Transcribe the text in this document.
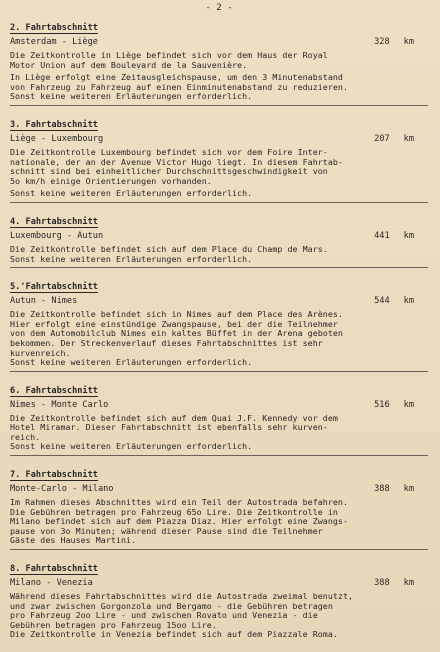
- 2 -
2. Fahrtabschnitt
Amsterdam - Liège	328 km
Die Zeitkontrolle in Liège befindet sich vor dem Haus der Royal
Motor Union auf dem Boulevard de la Sauvenière.
In Liège erfolgt eine Zeitausgleichspause, um den 3 Minutenabstand
von Fahrzeug zu Fahrzeug auf einen Einminutenabstand zu reduzieren.
Sonst keine weiteren Erläuterungen erforderlich.
3. Fahrtabschnitt
Liège - Luxembourg	207 km
Die Zeitkontrolle Luxembourg befindet sich vor dem Foire Inter-
nationale, der an der Avenue Victor Hugo liegt. In diesem Fahrtab-
schnitt sind bei einheitlicher Durchschnittsgeschwindigkeit von
5o km/h einige Orientierungen vorhanden.
Sonst keine weiteren Erläuterungen erforderlich.
4. Fahrtabschnitt
Luxembourg - Autun	441 km
Die Zeitkontrolle befindet sich auf dem Place du Champ de Mars.
Sonst keine weiteren Erläuterungen erforderlich.
5.'Fahrtabschnitt
Autun - Nimes	544 km
Die Zeitkontrolle befindet sich in Nimes auf dem Place des Arènes.
Hier erfolgt eine einstündige Zwangspause, bei der die Teilnehmer
von dem Automobilclub Nimes ein kaltes Büffet in der Arena geboten
bekommen. Der Streckenverlauf dieses Fahrtabschnittes ist sehr
kurvenreich.
Sonst keine weiteren Erläuterungen erforderlich.
6. Fahrtabschnitt
Nimes - Monte Carlo	516 km
Die Zeitkontrolle befindet sich auf dem Quai J.F. Kennedy vor dem
Hotel Miramar. Dieser Fahrtabschnitt ist ebenfalls sehr kurven-
reich.
Sonst keine weiteren Erläuterungen erforderlich.
7. Fahrtabschnitt
Monte-Carlo - Milano	388 km
Im Rahmen dieses Abschnittes wird ein Teil der Autostrada befahren.
Die Gebühren betragen pro Fahrzeug 65o Lire. Die Zeitkontrolle in
Milano befindet sich auf dem Piazza Diaz. Hier erfolgt eine Zwangs-
pause von 3o Minuten; während dieser Pause sind die Teilnehmer
Gäste des Hauses Martini.
8. Fahrtabschnitt
Milano - Venezia	388 km
Während dieses Fahrtabschnittes wird die Autostrada zweimal benutzt,
und zwar zwischen Gorgonzola und Bergamo - die Gebühren betragen
pro Fahrzeug 2oo Lire - und zwischen Rovato und Venezia - die
Gebühren betragen pro Fahrzeug 15oo Lire.
Die Zeitkontrolle in Venezia befindet sich auf dem Piazzale Roma.
